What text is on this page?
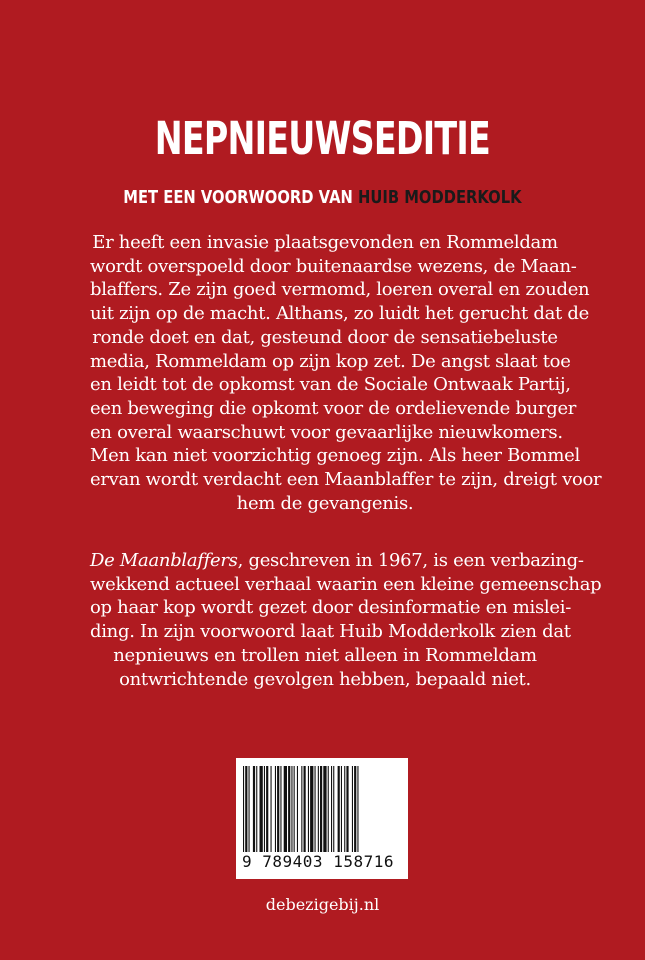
NEPNIEUWSEDITIE
MET EEN VOORWOORD VAN HUIB MODDERKOLK
Er heeft een invasie plaatsgevonden en Rommeldam
wordt overspoeld door buitenaardse wezens, de Maan-
blaffers. Ze zijn goed vermomd, loeren overal en zouden
uit zijn op de macht. Althans, zo luidt het gerucht dat de
ronde doet en dat, gesteund door de sensatiebeluste
media, Rommeldam op zijn kop zet. De angst slaat toe
en leidt tot de opkomst van de Sociale Ontwaak Partij,
een beweging die opkomt voor de ordelievende burger
en overal waarschuwt voor gevaarlijke nieuwkomers.
Men kan niet voorzichtig genoeg zijn. Als heer Bommel
ervan wordt verdacht een Maanblaffer te zijn, dreigt voor
hem de gevangenis.
De Maanblaffers, geschreven in 1967, is een verbazing-
wekkend actueel verhaal waarin een kleine gemeenschap
op haar kop wordt gezet door desinformatie en mislei-
ding. In zijn voorwoord laat Huib Modderkolk zien dat
nepnieuws en trollen niet alleen in Rommeldam
ontwrichtende gevolgen hebben, bepaald niet.
9 789403 158716
debezigebij.nl
